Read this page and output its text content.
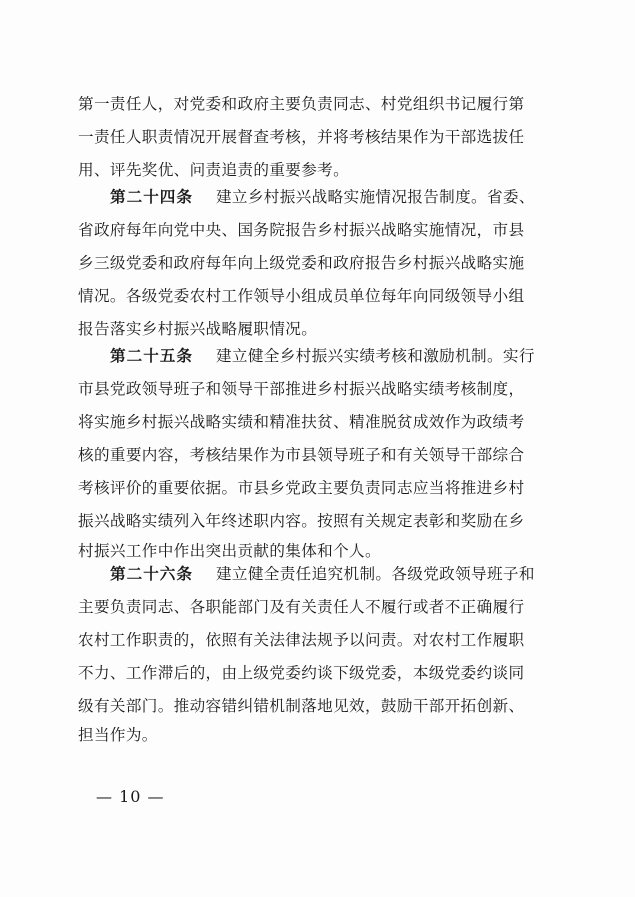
第一责任人，对党委和政府主要负责同志、村党组织书记履行第
一责任人职责情况开展督查考核，并将考核结果作为干部选拔任
用、评先奖优、问责追责的重要参考。
第二十四条 　建立乡村振兴战略实施情况报告制度。省委、
省政府每年向党中央、国务院报告乡村振兴战略实施情况，市县
乡三级党委和政府每年向上级党委和政府报告乡村振兴战略实施
情况。各级党委农村工作领导小组成员单位每年向同级领导小组
报告落实乡村振兴战略履职情况。
第二十五条 　建立健全乡村振兴实绩考核和激励机制。实行
市县党政领导班子和领导干部推进乡村振兴战略实绩考核制度，
将实施乡村振兴战略实绩和精准扶贫、精准脱贫成效作为政绩考
核的重要内容，考核结果作为市县领导班子和有关领导干部综合
考核评价的重要依据。市县乡党政主要负责同志应当将推进乡村
振兴战略实绩列入年终述职内容。按照有关规定表彰和奖励在乡
村振兴工作中作出突出贡献的集体和个人。
第二十六条 　建立健全责任追究机制。各级党政领导班子和
主要负责同志、各职能部门及有关责任人不履行或者不正确履行
农村工作职责的，依照有关法律法规予以问责。对农村工作履职
不力、工作滞后的，由上级党委约谈下级党委，本级党委约谈同
级有关部门。推动容错纠错机制落地见效，鼓励干部开拓创新、
担当作为。
— 10 —
